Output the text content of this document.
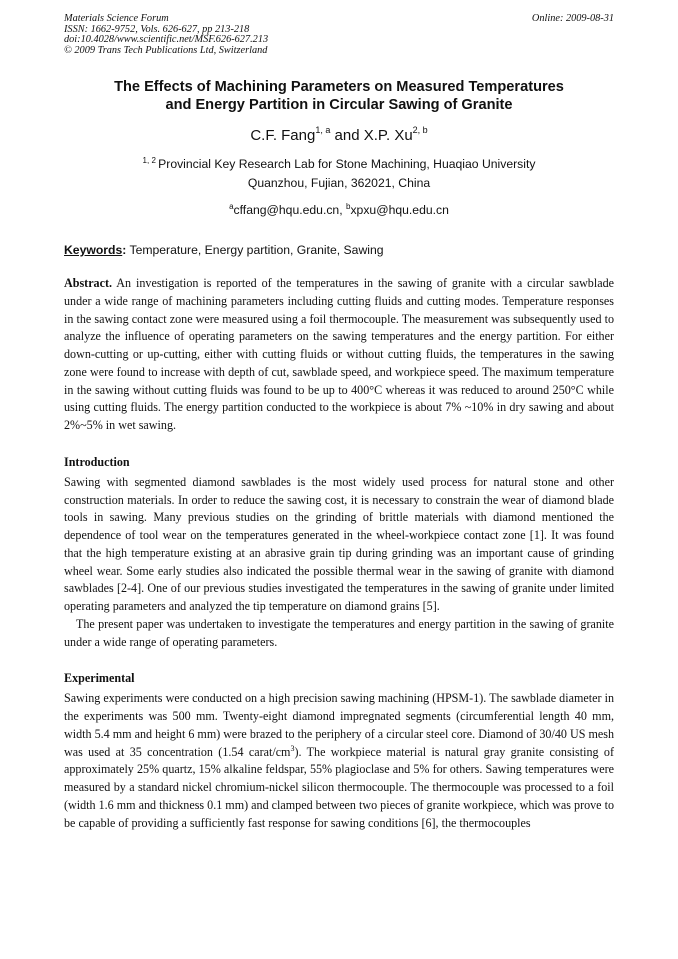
Materials Science Forum
ISSN: 1662-9752, Vols. 626-627, pp 213-218
doi:10.4028/www.scientific.net/MSF.626-627.213
© 2009 Trans Tech Publications Ltd, Switzerland
Online: 2009-08-31
The Effects of Machining Parameters on Measured Temperatures
and Energy Partition in Circular Sawing of Granite
C.F. Fang$^{1, a}$ and X.P. Xu$^{2, b}$
$^{1, 2}$ Provincial Key Research Lab for Stone Machining, Huaqiao University
Quanzhou, Fujian, 362021, China
$^a$cffang@hqu.edu.cn, $^b$xpxu@hqu.edu.cn
Keywords: Temperature, Energy partition, Granite, Sawing

Abstract. An investigation is reported of the temperatures in the sawing of granite with a circular sawblade under a wide range of machining parameters including cutting fluids and cutting modes. Temperature responses in the sawing contact zone were measured using a foil thermocouple. The measurement was subsequently used to analyze the influence of operating parameters on the sawing temperatures and the energy partition. For either down-cutting or up-cutting, either with cutting fluids or without cutting fluids, the temperatures in the sawing zone were found to increase with depth of cut, sawblade speed, and workpiece speed. The maximum temperature in the sawing without cutting fluids was found to be up to 400°C whereas it was reduced to around 250°C while using cutting fluids. The energy partition conducted to the workpiece is about 7% ~10% in dry sawing and about 2%~5% in wet sawing.

Introduction

Sawing with segmented diamond sawblades is the most widely used process for natural stone and other construction materials. In order to reduce the sawing cost, it is necessary to constrain the wear of diamond blade tools in sawing. Many previous studies on the grinding of brittle materials with diamond mentioned the dependence of tool wear on the temperatures generated in the wheel-workpiece contact zone [1]. It was found that the high temperature existing at an abrasive grain tip during grinding was an important cause of grinding wheel wear. Some early studies also indicated the possible thermal wear in the sawing of granite with diamond sawblades [2-4]. One of our previous studies investigated the temperatures in the sawing of granite under limited operating parameters and analyzed the tip temperature on diamond grains [5].

The present paper was undertaken to investigate the temperatures and energy partition in the sawing of granite under a wide range of operating parameters.

Experimental

Sawing experiments were conducted on a high precision sawing machining (HPSM-1). The sawblade diameter in the experiments was 500 mm. Twenty-eight diamond impregnated segments (circumferential length 40 mm, width 5.4 mm and height 6 mm) were brazed to the periphery of a circular steel core. Diamond of 30/40 US mesh was used at 35 concentration (1.54 carat/$cm^3$). The workpiece material is natural gray granite consisting of approximately 25% quartz, 15% alkaline feldspar, 55% plagioclase and 5% for others. Sawing temperatures were measured by a standard nickel chromium-nickel silicon thermocouple. The thermocouple was processed to a foil (width 1.6 mm and thickness 0.1 mm) and clamped between two pieces of granite workpiece, which was prove to be capable of providing a sufficiently fast response for sawing conditions [6], the thermocouples
